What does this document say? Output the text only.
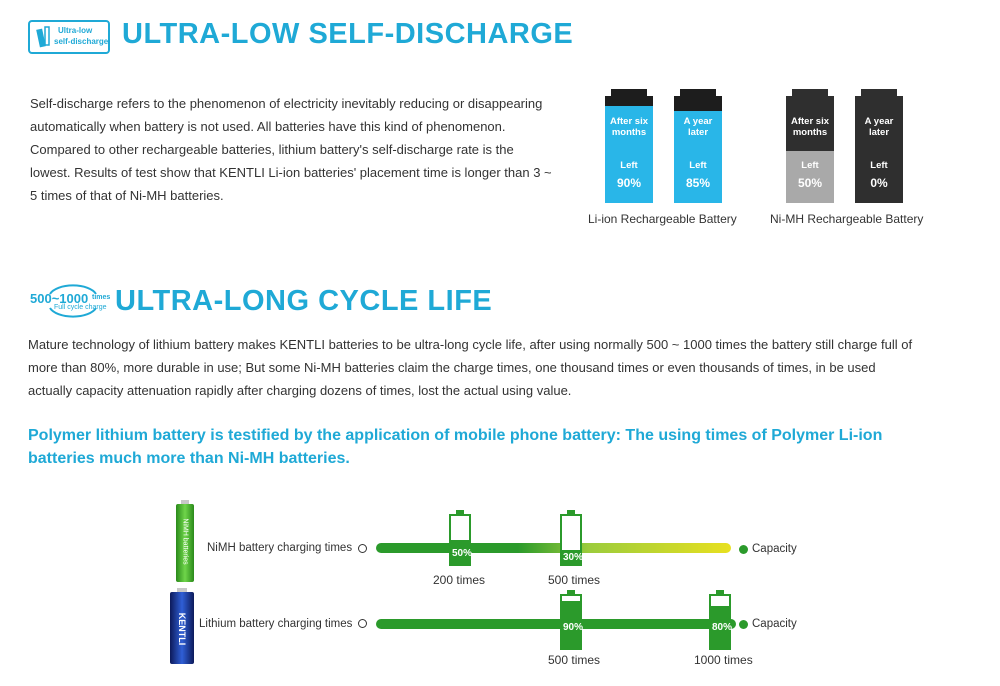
Ultra-low
self-discharge ULTRA-LOW SELF-DISCHARGE
Self-discharge refers to the phenomenon of electricity inevitably reducing or disappearing
automatically when battery is not used. All batteries have this kind of phenomenon.
Compared to other rechargeable batteries, lithium battery's self-discharge rate is the
lowest. Results of test show that KENTLI Li-ion batteries' placement time is longer than 3 ~
5 times of that of Ni-MH batteries.
After six months
Left
90%
A year later
Left
85%
Li-ion Rechargeable Battery
After six months
Left
50%
A year later
Left
0%
Ni-MH Rechargeable Battery
500~1000 times
Full cycle charge ULTRA-LONG CYCLE LIFE
Mature technology of lithium battery makes KENTLI batteries to be ultra-long cycle life, after using normally 500 ~ 1000 times the battery still charge full of
more than 80%, more durable in use; But some Ni-MH batteries claim the charge times, one thousand times or even thousands of times, in be used
actually capacity attenuation rapidly after charging dozens of times, lost the actual using value.
Polymer lithium battery is testified by the application of mobile phone battery: The using times of Polymer Li-ion
batteries much more than Ni-MH batteries.
NiMH batteries
KENTLI
NiMH battery charging times	Capacity
50%
200 times
30%
500 times
Lithium battery charging times	Capacity
90%
500 times
80%
1000 times
